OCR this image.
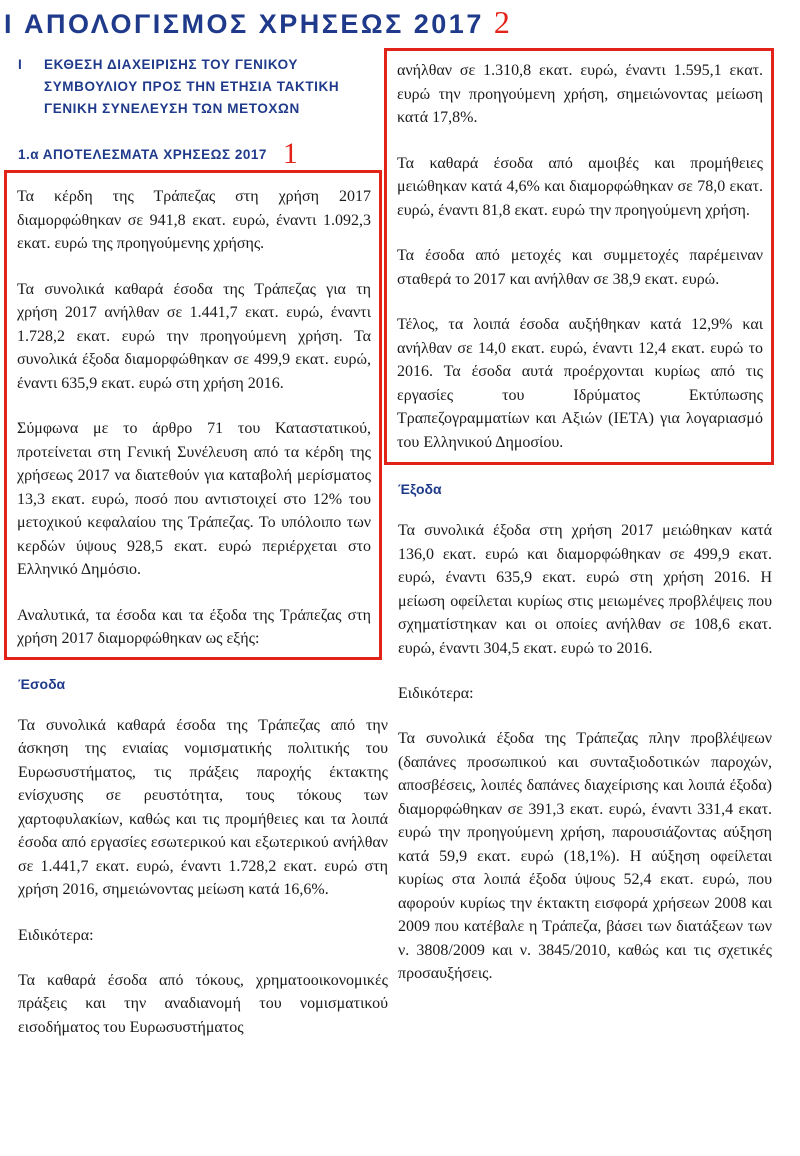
I ΑΠΟΛΟΓΙΣΜΟΣ ΧΡΗΣΕΩΣ 2017 2
I	ΕΚΘΕΣΗ ΔΙΑΧΕΙΡΙΣΗΣ ΤΟΥ ΓΕΝΙΚΟΥ
ΣΥΜΒΟΥΛΙΟΥ ΠΡΟΣ ΤΗΝ ΕΤΗΣΙΑ ΤΑΚΤΙΚΗ
ΓΕΝΙΚΗ ΣΥΝΕΛΕΥΣΗ ΤΩΝ ΜΕΤΟΧΩΝ
1.α ΑΠΟΤΕΛΕΣΜΑΤΑ ΧΡΗΣΕΩΣ 2017 1

Τα κέρδη της Τράπεζας στη χρήση 2017 διαμορφώθηκαν σε 941,8 εκατ. ευρώ, έναντι 1.092,3 εκατ. ευρώ της προηγούμενης χρήσης.

Τα συνολικά καθαρά έσοδα της Τράπεζας για τη χρήση 2017 ανήλθαν σε 1.441,7 εκατ. ευρώ, έναντι 1.728,2 εκατ. ευρώ την προηγούμενη χρήση. Τα συνολικά έξοδα διαμορφώθηκαν σε 499,9 εκατ. ευρώ, έναντι 635,9 εκατ. ευρώ στη χρήση 2016.

Σύμφωνα με το άρθρο 71 του Καταστατικού, προτείνεται στη Γενική Συνέλευση από τα κέρδη της χρήσεως 2017 να διατεθούν για καταβολή μερίσματος 13,3 εκατ. ευρώ, ποσό που αντιστοιχεί στο 12% του μετοχικού κεφαλαίου της Τράπεζας. Το υπόλοιπο των κερδών ύψους 928,5 εκατ. ευρώ περιέρχεται στο Ελληνικό Δημόσιο.

Αναλυτικά, τα έσοδα και τα έξοδα της Τράπεζας στη χρήση 2017 διαμορφώθηκαν ως εξής:

Έσοδα

Τα συνολικά καθαρά έσοδα της Τράπεζας από την άσκηση της ενιαίας νομισματικής πολιτικής του Ευρωσυστήματος, τις πράξεις παροχής έκτακτης ενίσχυσης σε ρευστότητα, τους τόκους των χαρτοφυλακίων, καθώς και τις προμήθειες και τα λοιπά έσοδα από εργασίες εσωτερικού και εξωτερικού ανήλθαν σε 1.441,7 εκατ. ευρώ, έναντι 1.728,2 εκατ. ευρώ στη χρήση 2016, σημειώνοντας μείωση κατά 16,6%.

Ειδικότερα:

Τα καθαρά έσοδα από τόκους, χρηματοοικονομικές πράξεις και την αναδιανομή του νομισματικού εισοδήματος του Ευρωσυστήματος

ανήλθαν σε 1.310,8 εκατ. ευρώ, έναντι 1.595,1 εκατ. ευρώ την προηγούμενη χρήση, σημειώνοντας μείωση κατά 17,8%.

Τα καθαρά έσοδα από αμοιβές και προμήθειες μειώθηκαν κατά 4,6% και διαμορφώθηκαν σε 78,0 εκατ. ευρώ, έναντι 81,8 εκατ. ευρώ την προηγούμενη χρήση.

Τα έσοδα από μετοχές και συμμετοχές παρέμειναν σταθερά το 2017 και ανήλθαν σε 38,9 εκατ. ευρώ.

Τέλος, τα λοιπά έσοδα αυξήθηκαν κατά 12,9% και ανήλθαν σε 14,0 εκατ. ευρώ, έναντι 12,4 εκατ. ευρώ το 2016. Τα έσοδα αυτά προέρχονται κυρίως από τις εργασίες του Ιδρύματος Εκτύπωσης Τραπεζογραμματίων και Αξιών (ΙΕΤΑ) για λογαριασμό του Ελληνικού Δημοσίου.

Έξοδα

Τα συνολικά έξοδα στη χρήση 2017 μειώθηκαν κατά 136,0 εκατ. ευρώ και διαμορφώθηκαν σε 499,9 εκατ. ευρώ, έναντι 635,9 εκατ. ευρώ στη χρήση 2016. Η μείωση οφείλεται κυρίως στις μειωμένες προβλέψεις που σχηματίστηκαν και οι οποίες ανήλθαν σε 108,6 εκατ. ευρώ, έναντι 304,5 εκατ. ευρώ το 2016.

Ειδικότερα:

Τα συνολικά έξοδα της Τράπεζας πλην προβλέψεων (δαπάνες προσωπικού και συνταξιοδοτικών παροχών, αποσβέσεις, λοιπές δαπάνες διαχείρισης και λοιπά έξοδα) διαμορφώθηκαν σε 391,3 εκατ. ευρώ, έναντι 331,4 εκατ. ευρώ την προηγούμενη χρήση, παρουσιάζοντας αύξηση κατά 59,9 εκατ. ευρώ (18,1%). Η αύξηση οφείλεται κυρίως στα λοιπά έξοδα ύψους 52,4 εκατ. ευρώ, που αφορούν κυρίως την έκτακτη εισφορά χρήσεων 2008 και 2009 που κατέβαλε η Τράπεζα, βάσει των διατάξεων των ν. 3808/2009 και ν. 3845/2010, καθώς και τις σχετικές προσαυξήσεις.
